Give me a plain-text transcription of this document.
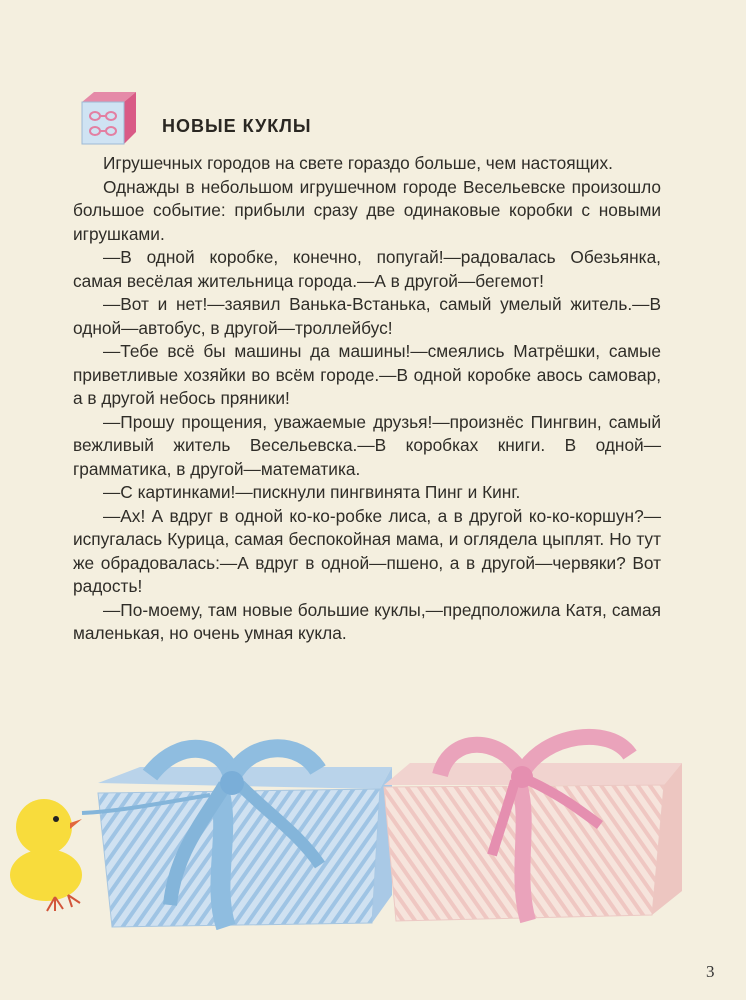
НОВЫЕ КУКЛЫ

Игрушечных городов на свете гораздо больше, чем настоящих.

Однажды в небольшом игрушечном городе Весельевске произошло большое событие: прибыли сразу две одинаковые коробки с новыми игрушками.

—В одной коробке, конечно, попугай!—радовалась Обезьянка, самая весёлая жительница города.—А в другой—бегемот!

—Вот и нет!—заявил Ванька-Встанька, самый умелый житель.—В одной—автобус, в другой—троллейбус!

—Тебе всё бы машины да машины!—смеялись Матрёшки, самые приветливые хозяйки во всём городе.—В одной коробке авось самовар, а в другой небось пряники!

—Прошу прощения, уважаемые друзья!—произнёс Пингвин, самый вежливый житель Весельевска.—В коробках книги. В одной—грамматика, в другой—математика.

—С картинками!—пискнули пингвинята Пинг и Кинг.

—Ах! А вдруг в одной ко-ко-робке лиса, а в другой ко-ко-коршун?—испугалась Курица, самая беспокойная мама, и оглядела цыплят. Но тут же обрадовалась:—А вдруг в одной—пшено, а в другой—червяки? Вот радость!

—По-моему, там новые большие куклы,—предположила Катя, самая маленькая, но очень умная кукла.

3
